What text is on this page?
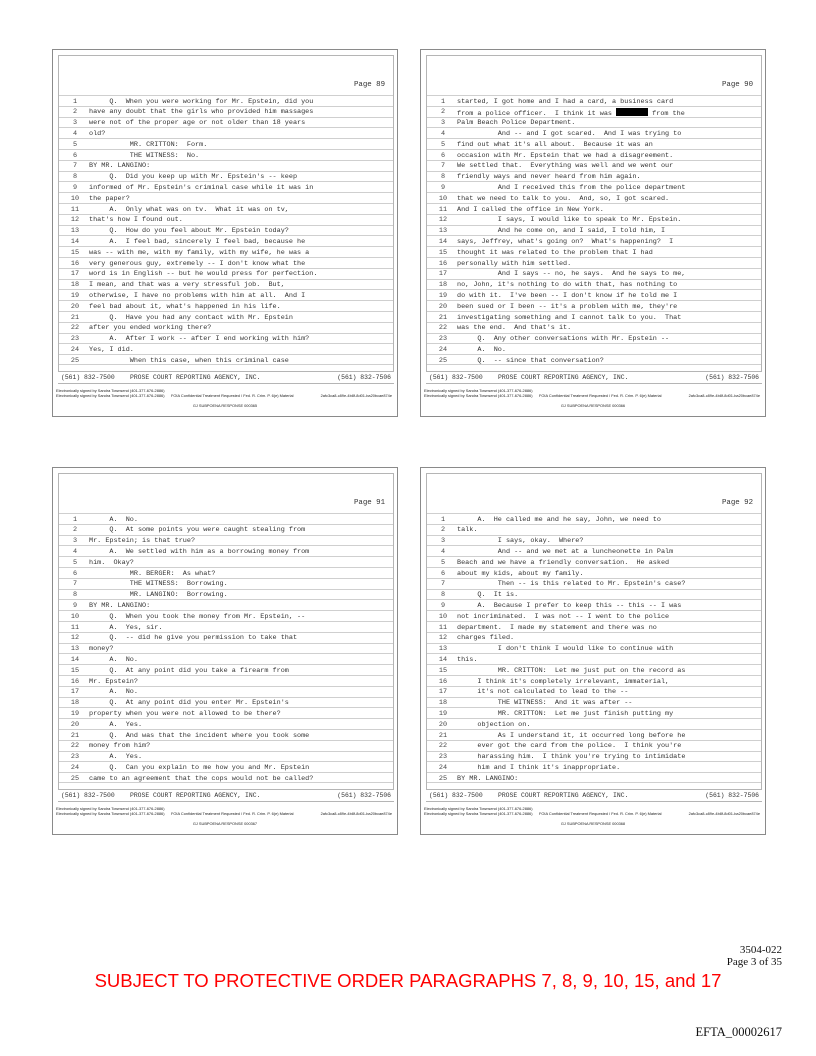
Page 89
1	Q.  When you were working for Mr. Epstein, did you
2	have any doubt that the girls who provided him massages
3	were not of the proper age or not older than 18 years
4	old?
5	MR. CRITTON:  Form.
6	THE WITNESS:  No.
7	BY MR. LANGINO:
8	Q.  Did you keep up with Mr. Epstein's -- keep
9	informed of Mr. Epstein's criminal case while it was in
10	the paper?
11	A.  Only what was on tv.  What it was on tv,
12	that's how I found out.
13	Q.  How do you feel about Mr. Epstein today?
14	A.  I feel bad, sincerely I feel bad, because he
15	was -- with me, with my family, with my wife, he was a
16	very generous guy, extremely -- I don't know what the
17	word is in English -- but he would press for perfection.
18	I mean, and that was a very stressful job.  But,
19	otherwise, I have no problems with him at all.  And I
20	feel bad about it, what's happened in his life.
21	Q.  Have you had any contact with Mr. Epstein
22	after you ended working there?
23	A.  After I work -- after I end working with him?
24	Yes, I did.
25	When this case, when this criminal case
(561) 832-7500 PROSE COURT REPORTING AGENCY, INC.	(561) 832-7506
Electronically signed by Sandra Townsend (401-377-676-2886)
Electronically signed by Sandra Townsend (401-377-676-2886)      FOIA Confidential Treatment Requested / Fed. R. Crim. P. 6(e) Material	2afc3ca8-c89e-4b8f-8d01-ba20bcae874e
GJ SUBPOENA RESPONSE 000365
Page 90
1	started, I got home and I had a card, a business card
2	from a police officer.  I think it was	from the
3	Palm Beach Police Department.
4	And -- and I got scared.  And I was trying to
5	find out what it's all about.  Because it was an
6	occasion with Mr. Epstein that we had a disagreement.
7	We settled that.  Everything was well and we went our
8	friendly ways and never heard from him again.
9	And I received this from the police department
10	that we need to talk to you.  And, so, I got scared.
11	And I called the office in New York.
12	I says, I would like to speak to Mr. Epstein.
13	And he come on, and I said, I told him, I
14	says, Jeffrey, what's going on?  What's happening?  I
15	thought it was related to the problem that I had
16	personally with him settled.
17	And I says -- no, he says.  And he says to me,
18	no, John, it's nothing to do with that, has nothing to
19	do with it.  I've been -- I don't know if he told me I
20	been sued or I been -- it's a problem with me, they're
21	investigating something and I cannot talk to you.  That
22	was the end.  And that's it.
23	Q.  Any other conversations with Mr. Epstein --
24	A.  No.
25	Q.  -- since that conversation?
(561) 832-7500 PROSE COURT REPORTING AGENCY, INC.	(561) 832-7506
Electronically signed by Sandra Townsend (401-377-676-2886)
Electronically signed by Sandra Townsend (401-377-676-2886)      FOIA Confidential Treatment Requested / Fed. R. Crim. P. 6(e) Material	2afc3ca8-c89e-4b8f-8d01-ba20bcae874e
GJ SUBPOENA RESPONSE 000366
Page 91
1	A.  No.
2	Q.  At some points you were caught stealing from
3	Mr. Epstein; is that true?
4	A.  We settled with him as a borrowing money from
5	him.  Okay?
6	MR. BERGER:  As what?
7	THE WITNESS:  Borrowing.
8	MR. LANGINO:  Borrowing.
9	BY MR. LANGINO:
10	Q.  When you took the money from Mr. Epstein, --
11	A.  Yes, sir.
12	Q.  -- did he give you permission to take that
13	money?
14	A.  No.
15	Q.  At any point did you take a firearm from
16	Mr. Epstein?
17	A.  No.
18	Q.  At any point did you enter Mr. Epstein's
19	property when you were not allowed to be there?
20	A.  Yes.
21	Q.  And was that the incident where you took some
22	money from him?
23	A.  Yes.
24	Q.  Can you explain to me how you and Mr. Epstein
25	came to an agreement that the cops would not be called?
(561) 832-7500 PROSE COURT REPORTING AGENCY, INC.	(561) 832-7506
Electronically signed by Sandra Townsend (401-377-676-2886)
Electronically signed by Sandra Townsend (401-377-676-2886)      FOIA Confidential Treatment Requested / Fed. R. Crim. P. 6(e) Material	2afc3ca8-c89e-4b8f-8d01-ba20bcae874e
GJ SUBPOENA RESPONSE 000367
Page 92
1	A.  He called me and he say, John, we need to
2	talk.
3	I says, okay.  Where?
4	And -- and we met at a luncheonette in Palm
5	Beach and we have a friendly conversation.  He asked
6	about my kids, about my family.
7	Then -- is this related to Mr. Epstein's case?
8	Q.  It is.
9	A.  Because I prefer to keep this -- this -- I was
10	not incriminated.  I was not -- I went to the police
11	department.  I made my statement and there was no
12	charges filed.
13	I don't think I would like to continue with
14	this.
15	MR. CRITTON:  Let me just put on the record as
16	I think it's completely irrelevant, immaterial,
17	it's not calculated to lead to the --
18	THE WITNESS:  And it was after --
19	MR. CRITTON:  Let me just finish putting my
20	objection on.
21	As I understand it, it occurred long before he
22	ever got the card from the police.  I think you're
23	harassing him.  I think you're trying to intimidate
24	him and I think it's inappropriate.
25	BY MR. LANGINO:
(561) 832-7500 PROSE COURT REPORTING AGENCY, INC.	(561) 832-7506
Electronically signed by Sandra Townsend (401-377-676-2886)
Electronically signed by Sandra Townsend (401-377-676-2886)      FOIA Confidential Treatment Requested / Fed. R. Crim. P. 6(e) Material	2afc3ca8-c89e-4b8f-8d01-ba20bcae874e
GJ SUBPOENA RESPONSE 000368
3504-022
Page 3 of 35
SUBJECT TO PROTECTIVE ORDER PARAGRAPHS 7, 8, 9, 10, 15, and 17
EFTA_00002617
